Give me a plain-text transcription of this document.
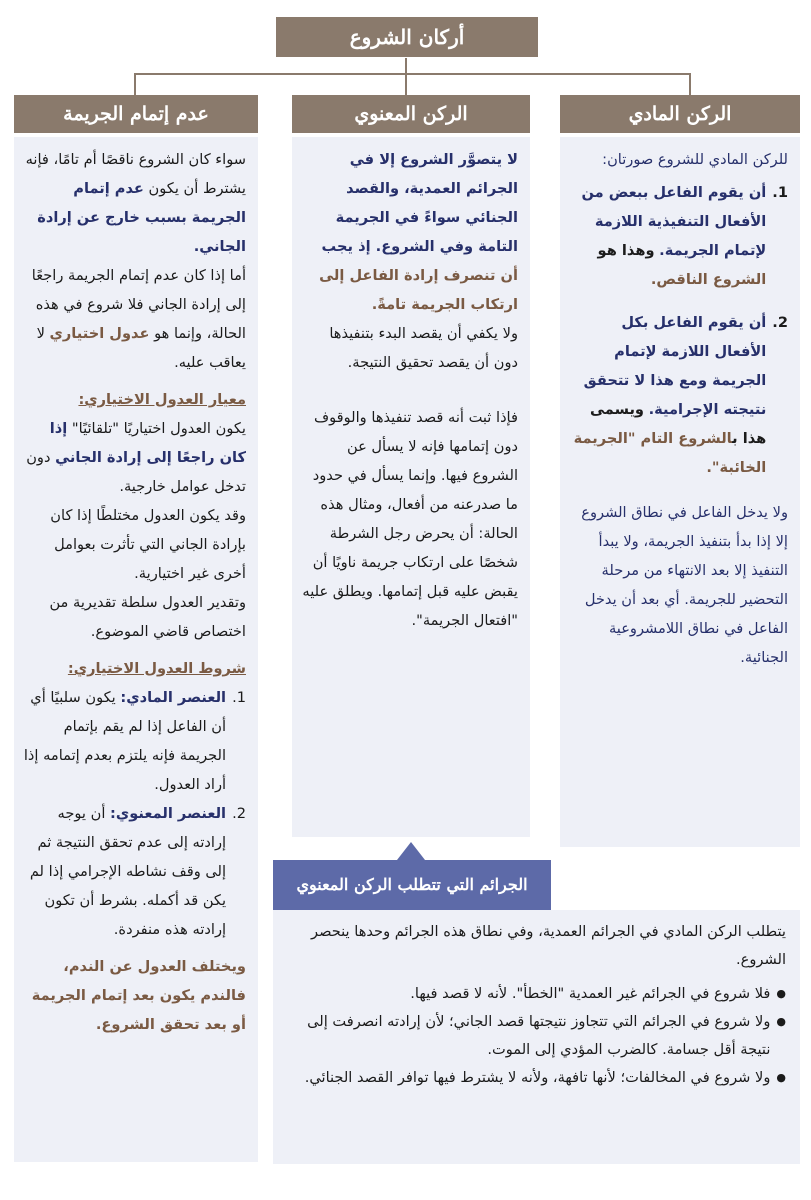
أركان الشروع
الركن المادي
الركن المعنوي
عدم إتمام الجريمة

للركن المادي للشروع صورتان:

1.

أن يقوم الفاعل ببعض من الأفعال التنفيذية اللازمة لإتمام الجريمة. وهذا هو الشروع الناقص.

2.

أن يقوم الفاعل بكل الأفعال اللازمة لإتمام الجريمة ومع هذا لا تتحقق نتيجته الإجرامية. ويسمى هذا بالشروع التام "الجريمة الخائبة".

ولا يدخل الفاعل في نطاق الشروع إلا إذا بدأ بتنفيذ الجريمة، ولا يبدأ التنفيذ إلا بعد الانتهاء من مرحلة التحضير للجريمة. أي بعد أن يدخل الفاعل في نطاق اللامشروعية الجنائية.

لا يتصوَّر الشروع إلا في الجرائم العمدية، والقصد الجنائي سواءً في الجريمة التامة وفي الشروع. إذ يجب أن تنصرف إرادة الفاعل إلى ارتكاب الجريمة تامةً.

ولا يكفي أن يقصد البدء بتنفيذها دون أن يقصد تحقيق النتيجة.

فإذا ثبت أنه قصد تنفيذها والوقوف دون إتمامها فإنه لا يسأل عن الشروع فيها. وإنما يسأل في حدود ما صدرعنه من أفعال، ومثال هذه الحالة: أن يحرض رجل الشرطة شخصًا على ارتكاب جريمة ناويًا أن يقبض عليه قبل إتمامها. ويطلق عليه "افتعال الجريمة".

سواء كان الشروع ناقصًا أم تامًا، فإنه يشترط أن يكون عدم إتمام الجريمة بسبب خارج عن إرادة الجاني.

أما إذا كان عدم إتمام الجريمة راجعًا إلى إرادة الجاني فلا شروع في هذه الحالة، وإنما هو عدول اختياري لا يعاقب عليه.

معيار العدول الاختياري:

يكون العدول اختياريًا "تلقائيًا" إذا كان راجعًا إلى إرادة الجاني دون تدخل عوامل خارجية.

وقد يكون العدول مختلطًا إذا كان بإرادة الجاني التي تأثرت بعوامل أخرى غير اختيارية.

وتقدير العدول سلطة تقديرية من اختصاص قاضي الموضوع.

شروط العدول الاختياري:

1.

العنصر المادي: يكون سلبيًا أي أن الفاعل إذا لم يقم بإتمام الجريمة فإنه يلتزم بعدم إتمامه إذا أراد العدول.

2.

العنصر المعنوي: أن يوجه إرادته إلى عدم تحقق النتيجة ثم إلى وقف نشاطه الإجرامي إذا لم يكن قد أكمله. بشرط أن تكون إرادته هذه منفردة.

ويختلف العدول عن الندم، فالندم يكون بعد إتمام الجريمة أو بعد تحقق الشروع.

الجرائم التي تتطلب الركن المعنوي

يتطلب الركن المادي في الجرائم العمدية، وفي نطاق هذه الجرائم وحدها ينحصر الشروع.

●

فلا شروع في الجرائم غير العمدية "الخطأ". لأنه لا قصد فيها.

●

ولا شروع في الجرائم التي تتجاوز نتيجتها قصد الجاني؛ لأن إرادته انصرفت إلى نتيجة أقل جسامة. كالضرب المؤدي إلى الموت.

●

ولا شروع في المخالفات؛ لأنها تافهة، ولأنه لا يشترط فيها توافر القصد الجنائي.
